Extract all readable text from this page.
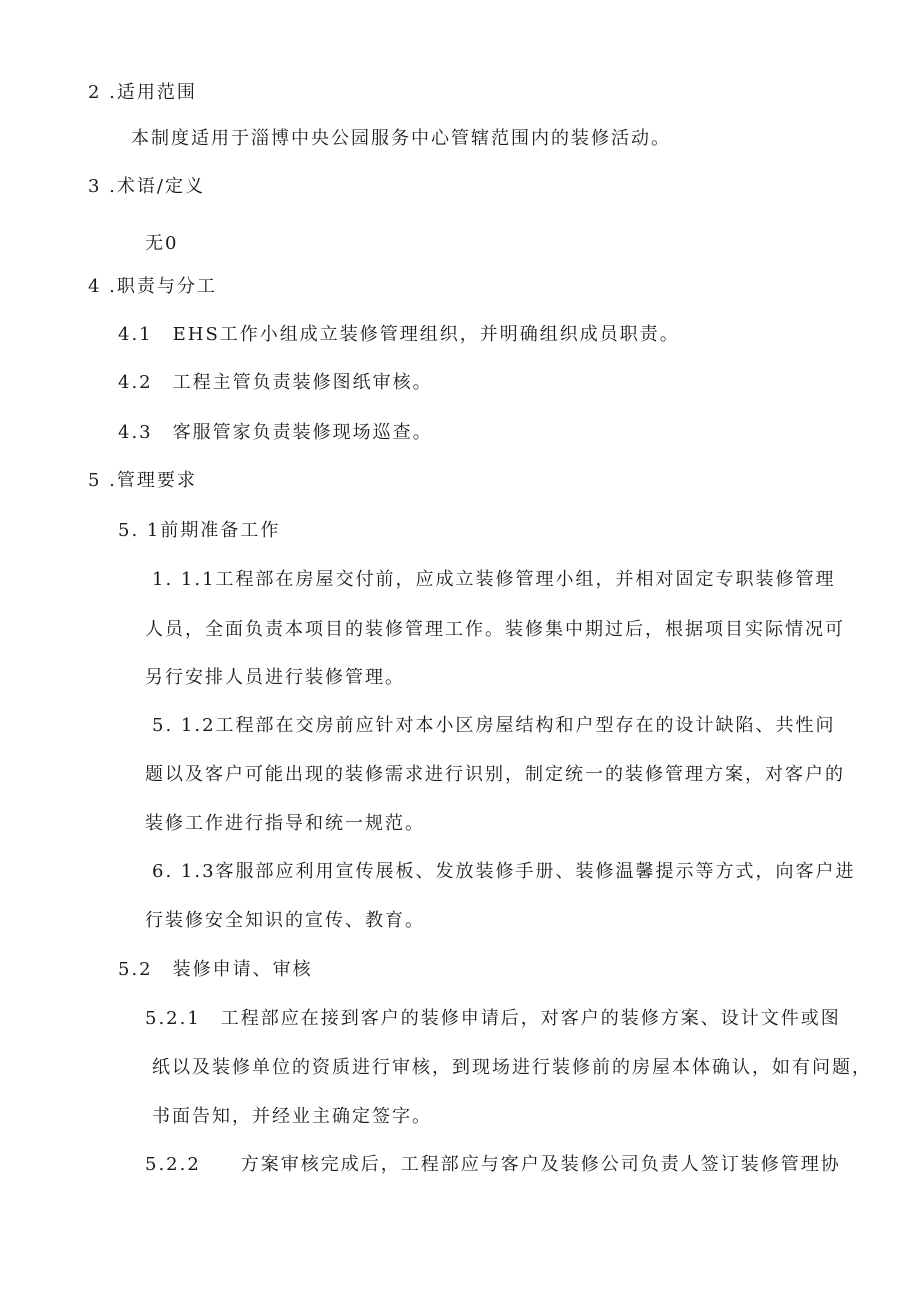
2 .适用范围
本制度适用于淄博中央公园服务中心管辖范围内的装修活动。
3 .术语/定义
无0
4 .职责与分工
4.1　EHS工作小组成立装修管理组织，并明确组织成员职责。
4.2　工程主管负责装修图纸审核。
4.3　客服管家负责装修现场巡查。
5 .管理要求
5. 1前期准备工作
1. 1.1工程部在房屋交付前，应成立装修管理小组，并相对固定专职装修管理
人员，全面负责本项目的装修管理工作。装修集中期过后，根据项目实际情况可
另行安排人员进行装修管理。
5. 1.2工程部在交房前应针对本小区房屋结构和户型存在的设计缺陷、共性问
题以及客户可能出现的装修需求进行识别，制定统一的装修管理方案，对客户的
装修工作进行指导和统一规范。
6. 1.3客服部应利用宣传展板、发放装修手册、装修温馨提示等方式，向客户进
行装修安全知识的宣传、教育。
5.2　装修申请、审核
5.2.1　工程部应在接到客户的装修申请后，对客户的装修方案、设计文件或图
纸以及装修单位的资质进行审核，到现场进行装修前的房屋本体确认，如有问题，
书面告知，并经业主确定签字。
5.2.2　　方案审核完成后，工程部应与客户及装修公司负责人签订装修管理协
